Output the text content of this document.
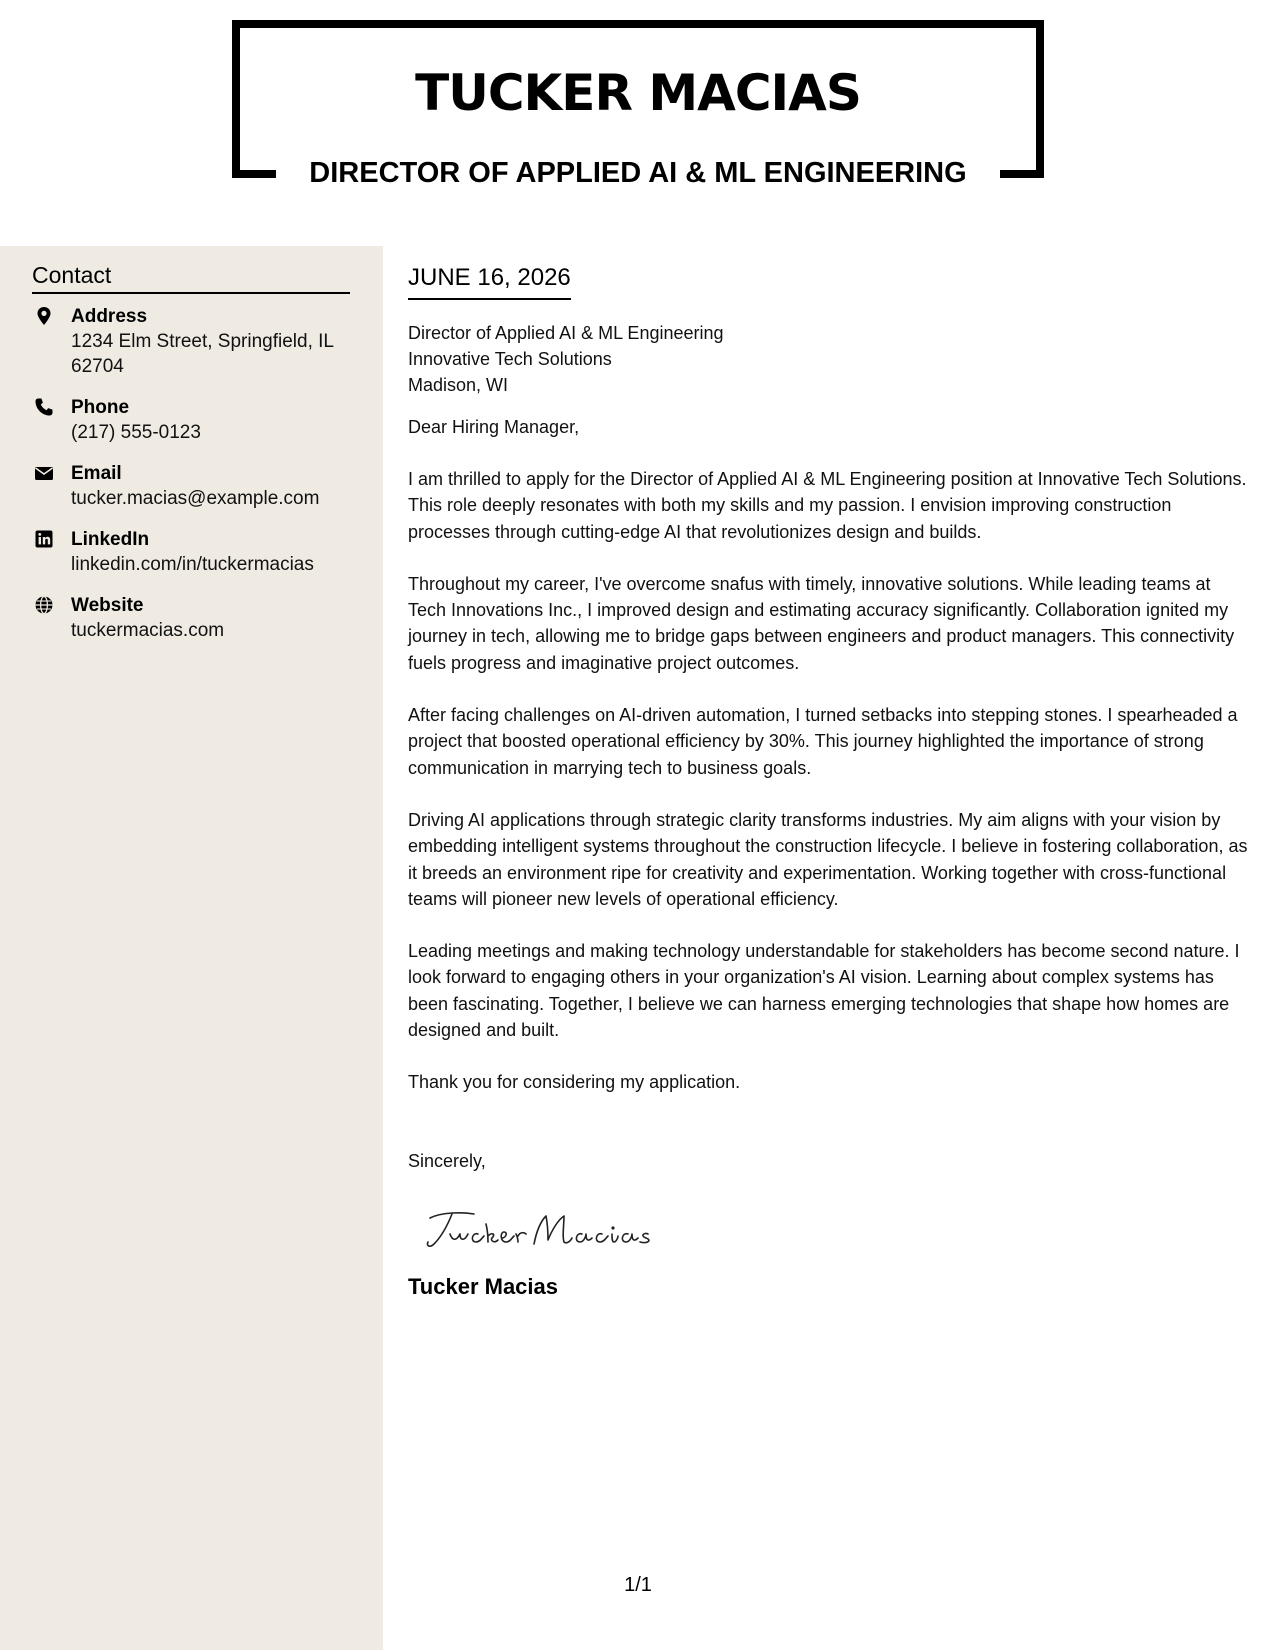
TUCKER MACIAS
DIRECTOR OF APPLIED AI & ML ENGINEERING
Contact
Address
1234 Elm Street, Springfield, IL 62704
Phone
(217) 555-0123
Email
tucker.macias@example.com
LinkedIn
linkedin.com/in/tuckermacias
Website
tuckermacias.com
JUNE 16, 2026
Director of Applied AI & ML Engineering
Innovative Tech Solutions
Madison, WI
Dear Hiring Manager,

I am thrilled to apply for the Director of Applied AI & ML Engineering position at Innovative Tech Solutions. This role deeply resonates with both my skills and my passion. I envision improving construction processes through cutting-edge AI that revolutionizes design and builds.

Throughout my career, I've overcome snafus with timely, innovative solutions. While leading teams at Tech Innovations Inc., I improved design and estimating accuracy significantly. Collaboration ignited my journey in tech, allowing me to bridge gaps between engineers and product managers. This connectivity fuels progress and imaginative project outcomes.

After facing challenges on AI-driven automation, I turned setbacks into stepping stones. I spearheaded a project that boosted operational efficiency by 30%. This journey highlighted the importance of strong communication in marrying tech to business goals.

Driving AI applications through strategic clarity transforms industries. My aim aligns with your vision by embedding intelligent systems throughout the construction lifecycle. I believe in fostering collaboration, as it breeds an environment ripe for creativity and experimentation. Working together with cross-functional teams will pioneer new levels of operational efficiency.

Leading meetings and making technology understandable for stakeholders has become second nature. I look forward to engaging others in your organization's AI vision. Learning about complex systems has been fascinating. Together, I believe we can harness emerging technologies that shape how homes are designed and built.

Thank you for considering my application.

Sincerely,
Tucker Macias
1/1
